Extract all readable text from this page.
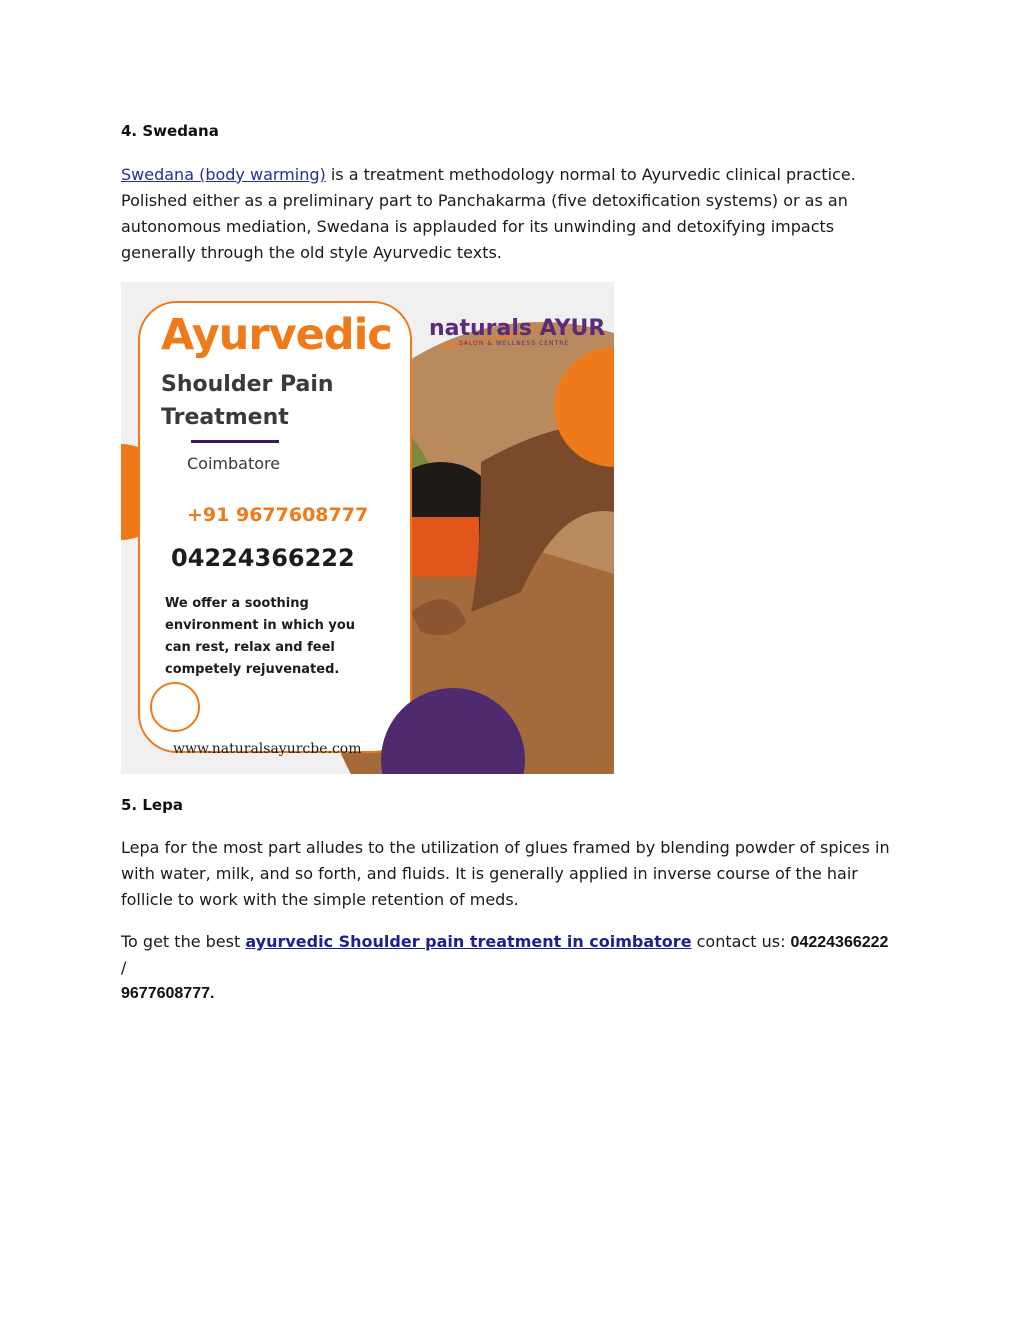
4. Swedana
Swedana (body warming) is a treatment methodology normal to Ayurvedic clinical practice. Polished either as a preliminary part to Panchakarma (five detoxification systems) or as an autonomous mediation, Swedana is applauded for its unwinding and detoxifying impacts generally through the old style Ayurvedic texts.
Ayurvedic
Shoulder Pain Treatment
Coimbatore
+91 9677608777
04224366222
We offer a soothing environment in which you can rest, relax and feel competely rejuvenated.
www.naturalsayurcbe.com
naturals AYUR
SALON & WELLNESS CENTRE
5. Lepa
Lepa for the most part alludes to the utilization of glues framed by blending powder of spices in with water, milk, and so forth, and fluids. It is generally applied in inverse course of the hair follicle to work with the simple retention of meds.
To get the best ayurvedic Shoulder pain treatment in coimbatore contact us: 04224366222 /
9677608777.
